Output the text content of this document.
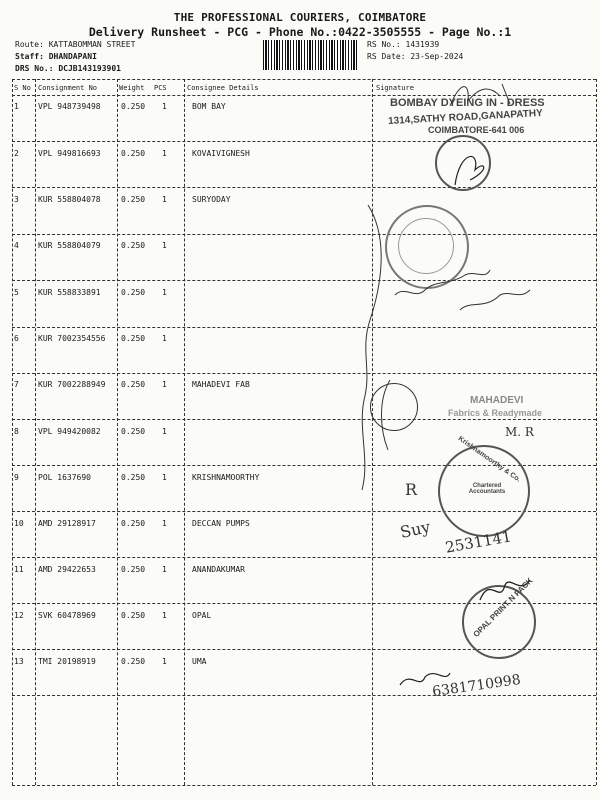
THE PROFESSIONAL COURIERS, COIMBATORE
Delivery Runsheet - PCG - Phone No.:0422-3505555 - Page No.:1
Route: KATTABOMMAN STREET
Staff: DHANDAPANI
DRS No.: DCJB143193901
RS No.: 1431939
RS Date: 23-Sep-2024
S No Consignment No	Weight PCS	Consignee Details	Signature
1 VPL 948739498	0.250 1	BOM BAY
2 VPL 949816693	0.250 1	KOVAIVIGNESH
3 KUR 558804078	0.250 1	SURYODAY
4 KUR 558804079	0.250 1
5 KUR 558833891	0.250 1
6 KUR 7002354556 0.250 1
7 KUR 7002288949 0.250 1	MAHADEVI FAB
8 VPL 949420082	0.250 1
9 POL 1637690	0.250 1	KRISHNAMOORTHY
10 AMD 29128917	0.250 1	DECCAN PUMPS
11 AMD 29422653	0.250 1	ANANDAKUMAR
12 SVK 60478969	0.250 1	OPAL
13 TMI 20198919	0.250 1	UMA
BOMBAY DYEING IN - DRESS
1314,SATHY ROAD,GANAPATHY
COIMBATORE-641 006
MAHADEVI
Fabrics & Readymade
M. R
Krishnamoorthy & Co.
Chartered Accountants
R
Suy 2531141
OPAL PRINT N PACK
6381710998
